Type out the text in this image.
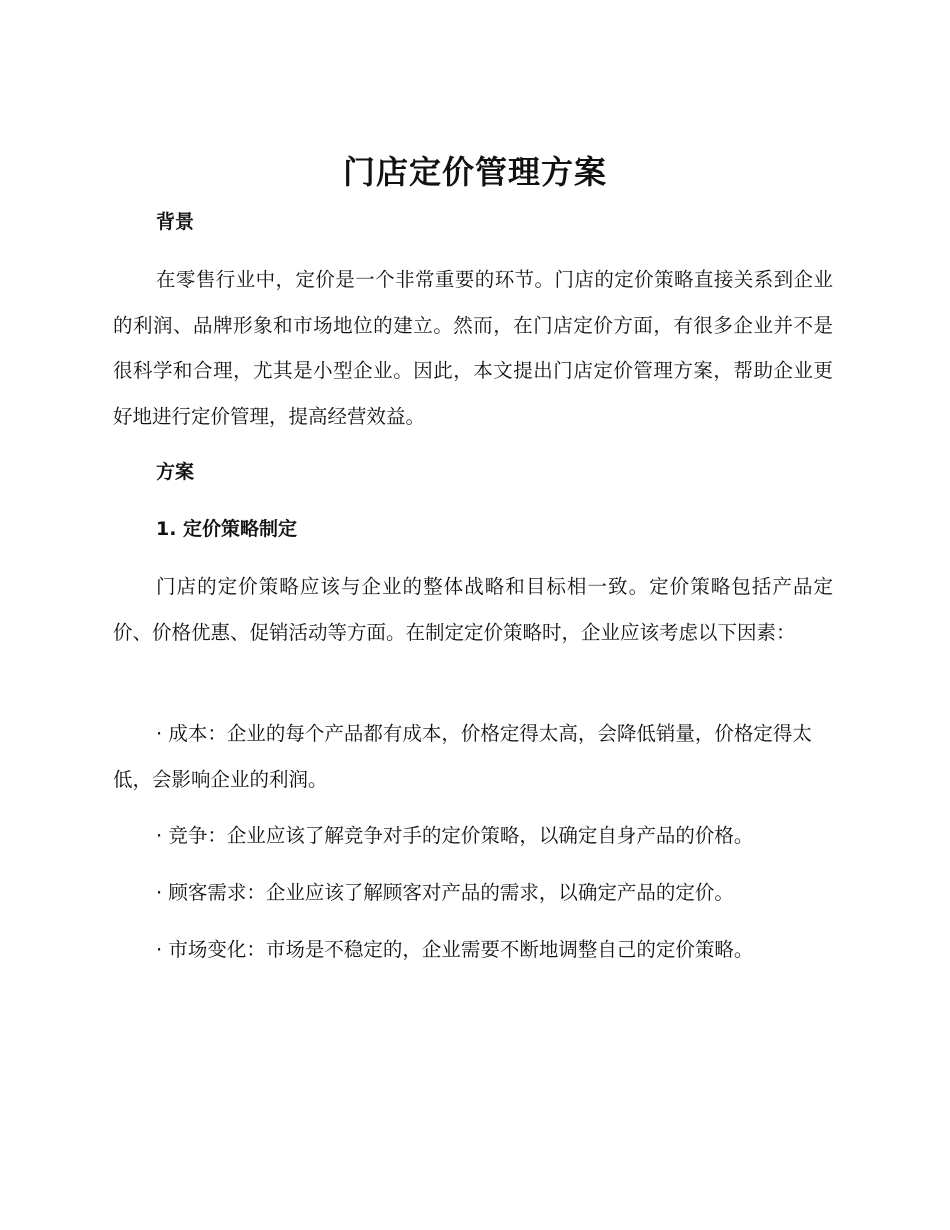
门店定价管理方案
背景

在零售行业中，定价是一个非常重要的环节。门店的定价策略直接关系到企业的利润、品牌形象和市场地位的建立。然而，在门店定价方面，有很多企业并不是很科学和合理，尤其是小型企业。因此，本文提出门店定价管理方案，帮助企业更好地进行定价管理，提高经营效益。

方案
1. 定价策略制定

门店的定价策略应该与企业的整体战略和目标相一致。定价策略包括产品定价、价格优惠、促销活动等方面。在制定定价策略时，企业应该考虑以下因素：

· 成本：企业的每个产品都有成本，价格定得太高，会降低销量，价格定得太低，会影响企业的利润。

· 竞争：企业应该了解竞争对手的定价策略，以确定自身产品的价格。

· 顾客需求：企业应该了解顾客对产品的需求，以确定产品的定价。

· 市场变化：市场是不稳定的，企业需要不断地调整自己的定价策略。
